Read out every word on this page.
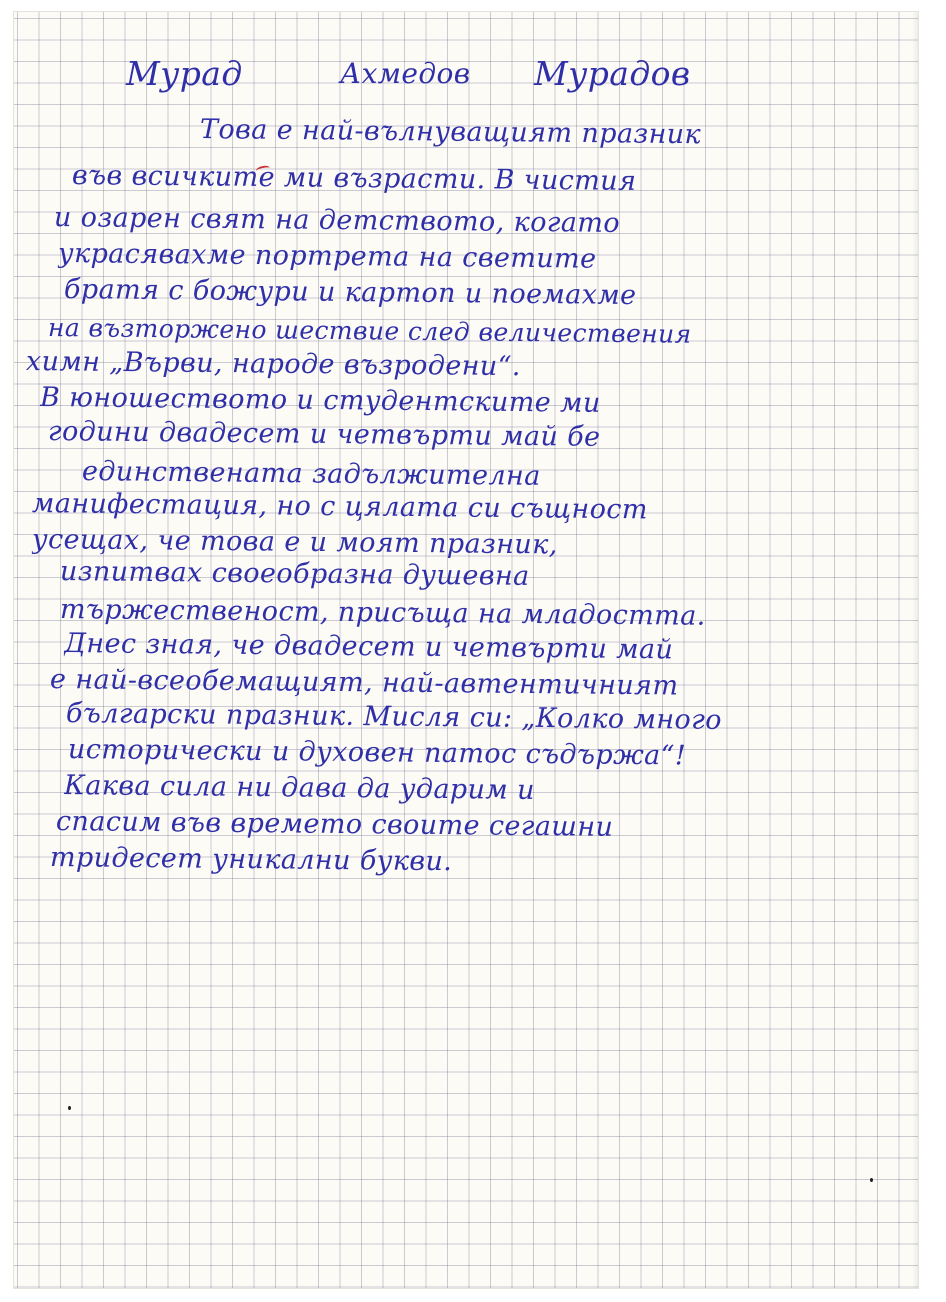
Мурад	Ахмедов Мурадов
Това е най-вълнуващият празник
във всичките ми възрасти. В чистия
и озарен свят на детството, когато
украсявахме портрета на светите
братя с божури и картоп и поемахме
на възторжено шествие след величествения
химн „Върви, народе възродени“.
В юношеството и студентските ми
години двадесет и четвърти май бе
единствената задължителна
манифестация, но с цялата си същност
усещах, че това е и моят празник,
изпитвах своеобразна душевна
тържественост, присъща на младостта.
Днес зная, че двадесет и четвърти май
е най-всеобемащият, най-автентичният
български празник. Мисля си: „Колко много
исторически и духовен патос съдържа“!
Каква сила ни дава да ударим и
спасим във времето своите сегашни
тридесет уникални букви.
